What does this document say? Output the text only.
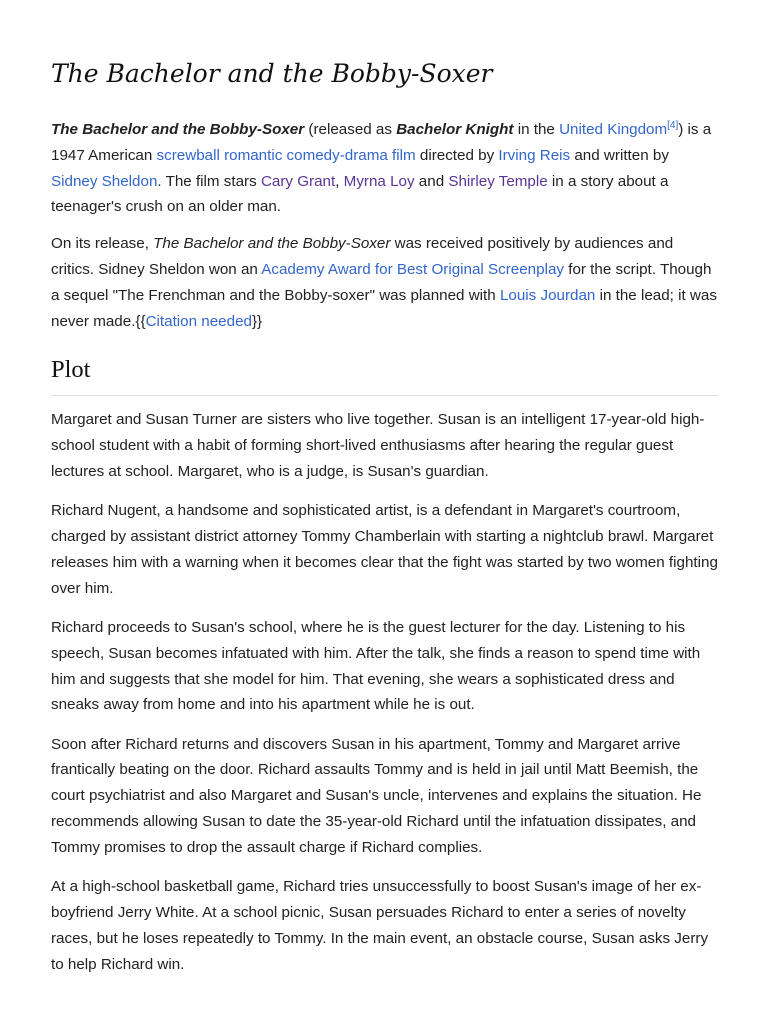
The Bachelor and the Bobby-Soxer

The Bachelor and the Bobby-Soxer (released as Bachelor Knight in the United Kingdom[4]) is a 1947 American screwball romantic comedy-drama film directed by Irving Reis and written by Sidney Sheldon. The film stars Cary Grant, Myrna Loy and Shirley Temple in a story about a teenager's crush on an older man.

On its release, The Bachelor and the Bobby-Soxer was received positively by audiences and critics. Sidney Sheldon won an Academy Award for Best Original Screenplay for the script. Though a sequel "The Frenchman and the Bobby-soxer" was planned with Louis Jourdan in the lead; it was never made.{{Citation needed}}

Plot

Margaret and Susan Turner are sisters who live together. Susan is an intelligent 17-year-old high-school student with a habit of forming short-lived enthusiasms after hearing the regular guest lectures at school. Margaret, who is a judge, is Susan's guardian.

Richard Nugent, a handsome and sophisticated artist, is a defendant in Margaret's courtroom, charged by assistant district attorney Tommy Chamberlain with starting a nightclub brawl. Margaret releases him with a warning when it becomes clear that the fight was started by two women fighting over him.

Richard proceeds to Susan's school, where he is the guest lecturer for the day. Listening to his speech, Susan becomes infatuated with him. After the talk, she finds a reason to spend time with him and suggests that she model for him. That evening, she wears a sophisticated dress and sneaks away from home and into his apartment while he is out.

Soon after Richard returns and discovers Susan in his apartment, Tommy and Margaret arrive frantically beating on the door. Richard assaults Tommy and is held in jail until Matt Beemish, the court psychiatrist and also Margaret and Susan's uncle, intervenes and explains the situation. He recommends allowing Susan to date the 35-year-old Richard until the infatuation dissipates, and Tommy promises to drop the assault charge if Richard complies.

At a high-school basketball game, Richard tries unsuccessfully to boost Susan's image of her ex-boyfriend Jerry White. At a school picnic, Susan persuades Richard to enter a series of novelty races, but he loses repeatedly to Tommy. In the main event, an obstacle course, Susan asks Jerry to help Richard win.
